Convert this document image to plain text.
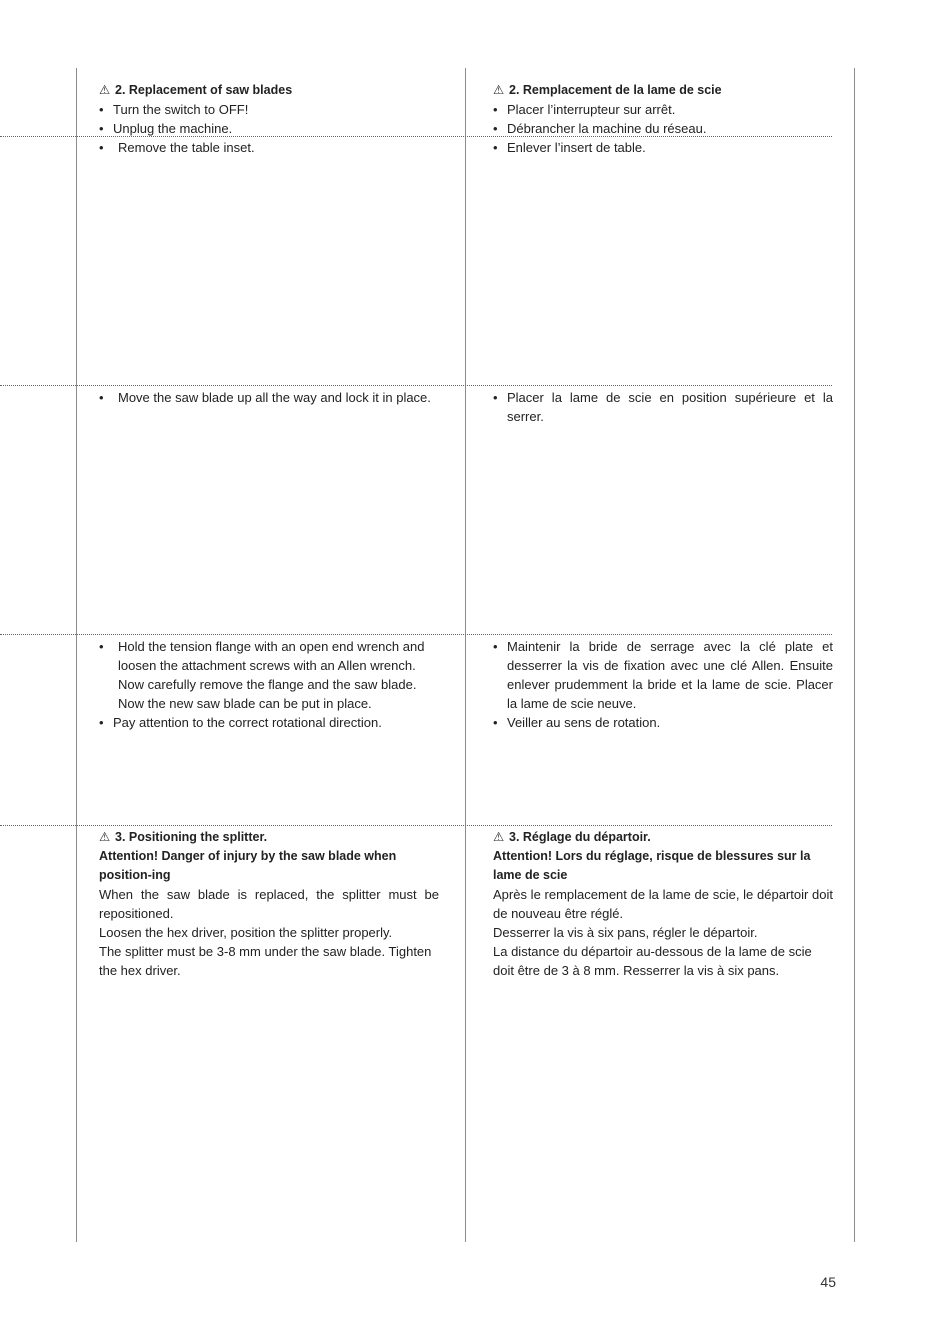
⚠ 2. Replacement of saw blades

• Turn the switch to OFF!
• Unplug the machine.
•	Remove the table inset.

⚠ 2. Remplacement de la lame de scie

• Placer l’interrupteur sur arrêt.
• Débrancher la machine du réseau.
• Enlever l’insert de table.
•	Move the saw blade up all the way and lock it in place.	• Placer la lame de scie en position supérieure et la serrer.
•	Hold the tension flange with an open end wrench and loosen the attachment screws with an Allen wrench. Now carefully remove the flange and the saw blade. Now the new saw blade can be put in place.
• Pay attention to the correct rotational direction.
• Maintenir la bride de serrage avec la clé plate et desserrer la vis de fixation avec une clé Allen. Ensuite enlever prudemment la bride et la lame de scie. Placer la lame de scie neuve.
• Veiller au sens de rotation.

⚠ 3. Positioning the splitter.

Attention! Danger of injury by the saw blade when position-ing

When the saw blade is replaced, the splitter must be repositioned.

Loosen the hex driver, position the splitter properly.

The splitter must be 3-8 mm under the saw blade. Tighten the hex driver.

⚠ 3. Réglage du départoir.

Attention! Lors du réglage, risque de blessures sur la lame de scie

Après le remplacement de la lame de scie, le départoir doit de nouveau être réglé.

Desserrer la vis à six pans, régler le départoir.

La distance du départoir au-dessous de la lame de scie doit être de 3 à 8 mm. Resserrer la vis à six pans.

45
